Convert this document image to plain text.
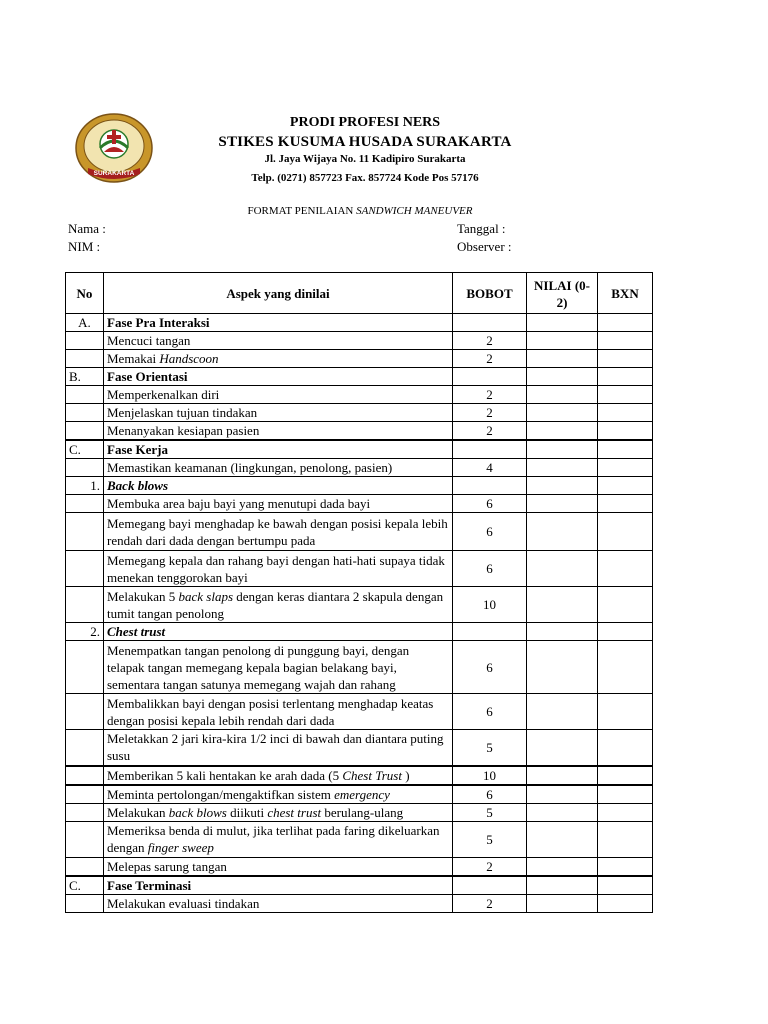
SURAKARTA
PRODI PROFESI NERS
STIKES KUSUMA HUSADA SURAKARTA
Jl. Jaya Wijaya No. 11 Kadipiro Surakarta
Telp. (0271) 857723 Fax. 857724 Kode Pos 57176
FORMAT PENILAIAN SANDWICH MANEUVER
Nama :
NIM :
Tanggal :
Observer :
No	Aspek yang dinilai	BOBOT	NILAI (0-2)	BXN
A.	Fase Pra Interaksi			
	Mencuci tangan	2		
	Memakai Handscoon	2		
B.	Fase Orientasi			
	Memperkenalkan diri	2		
	Menjelaskan tujuan tindakan	2		
	Menanyakan kesiapan pasien	2		
C.	Fase Kerja			
	Memastikan keamanan (lingkungan, penolong, pasien)	4		
1.	Back blows			
	Membuka area baju bayi yang menutupi dada bayi	6		
	Memegang bayi menghadap ke bawah dengan posisi kepala lebih rendah dari dada dengan bertumpu pada	6		
	Memegang kepala dan rahang bayi dengan hati-hati supaya tidak menekan tenggorokan bayi	6		
	Melakukan 5 back slaps dengan keras diantara 2 skapula dengan tumit tangan penolong	10		
2.	Chest trust			
	Menempatkan tangan penolong di punggung bayi, dengan telapak tangan memegang kepala bagian belakang bayi, sementara tangan satunya memegang wajah dan rahang	6		
	Membalikkan bayi dengan posisi terlentang menghadap keatas dengan posisi kepala lebih rendah dari dada	6		
	Meletakkan 2 jari kira-kira 1/2 inci di bawah dan diantara puting susu	5		
	Memberikan 5 kali hentakan ke arah dada (5 Chest Trust )	10		
	Meminta pertolongan/mengaktifkan sistem emergency	6		
	Melakukan back blows diikuti chest trust berulang-ulang	5		
	Memeriksa benda di mulut, jika terlihat pada faring dikeluarkan dengan finger sweep	5		
	Melepas sarung tangan	2		
C.	Fase Terminasi			
	Melakukan evaluasi tindakan	2		
